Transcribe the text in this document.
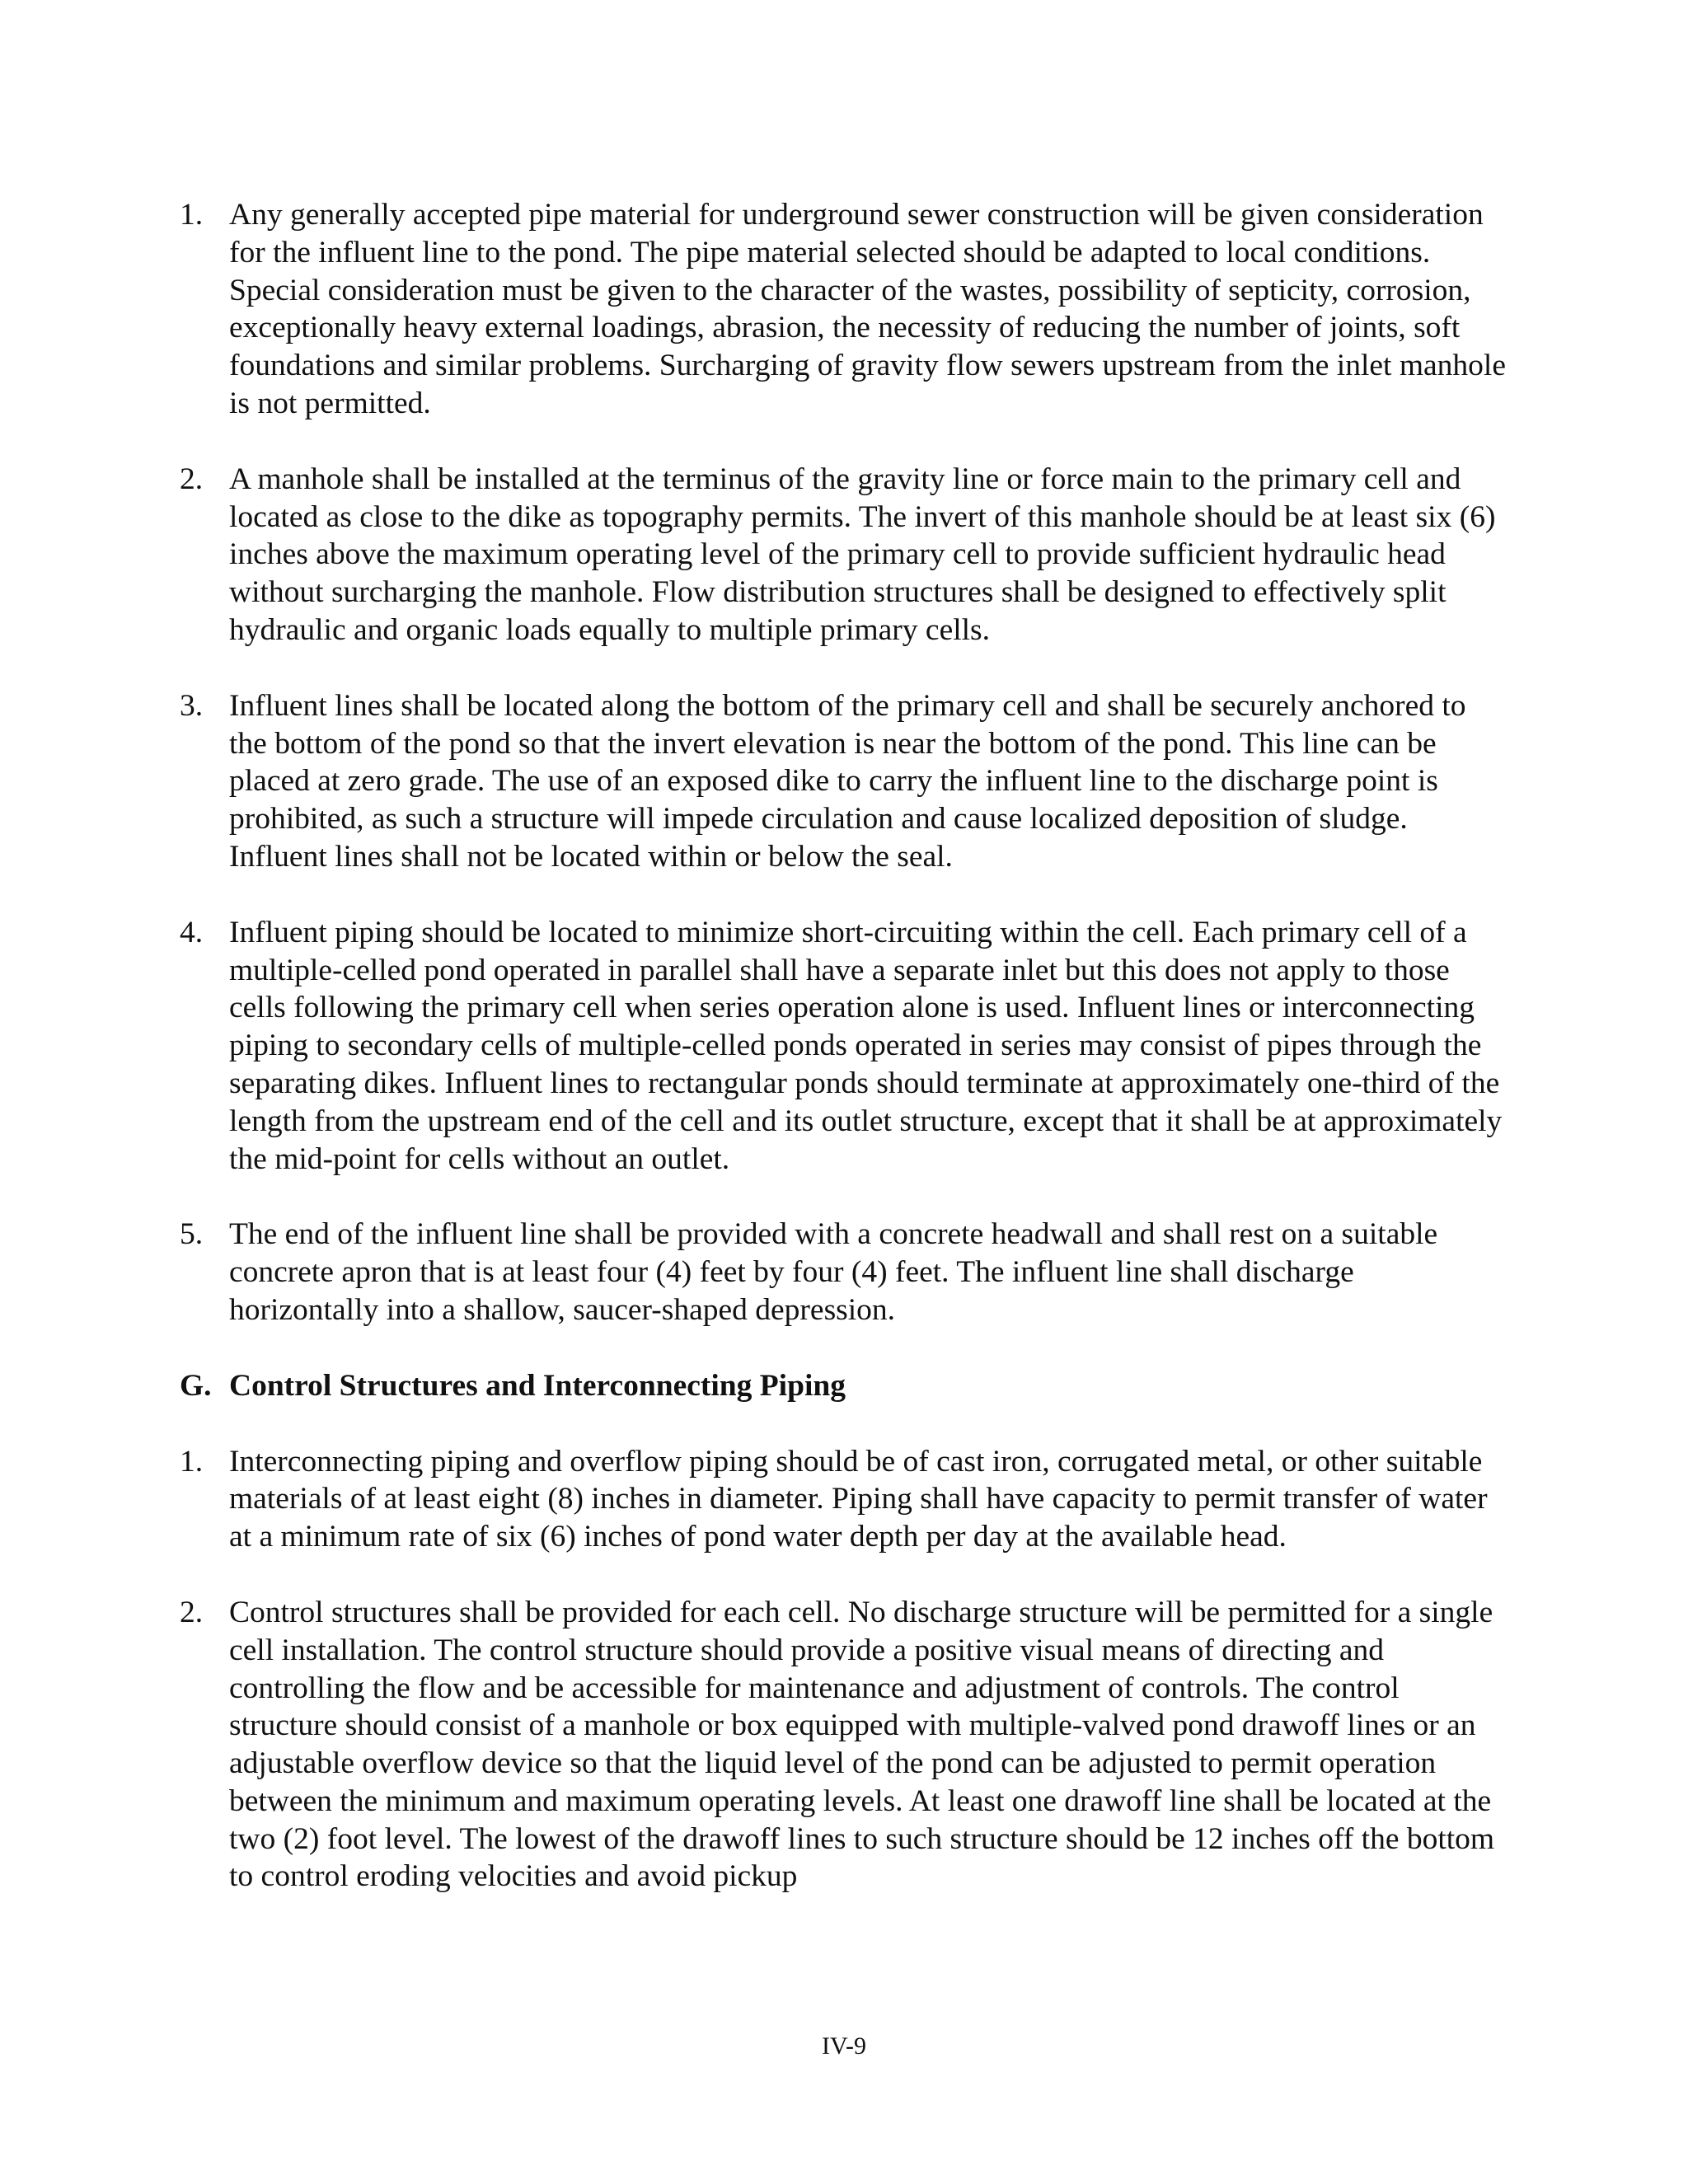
1. Any generally accepted pipe material for underground sewer construction will be given consideration for the influent line to the pond. The pipe material selected should be adapted to local conditions. Special consideration must be given to the character of the wastes, possibility of septicity, corrosion, exceptionally heavy external loadings, abrasion, the necessity of reducing the number of joints, soft foundations and similar problems. Surcharging of gravity flow sewers upstream from the inlet manhole is not permitted.
2. A manhole shall be installed at the terminus of the gravity line or force main to the primary cell and located as close to the dike as topography permits. The invert of this manhole should be at least six (6) inches above the maximum operating level of the primary cell to provide sufficient hydraulic head without surcharging the manhole. Flow distribution structures shall be designed to effectively split hydraulic and organic loads equally to multiple primary cells.
3. Influent lines shall be located along the bottom of the primary cell and shall be securely anchored to the bottom of the pond so that the invert elevation is near the bottom of the pond. This line can be placed at zero grade. The use of an exposed dike to carry the influent line to the discharge point is prohibited, as such a structure will impede circulation and cause localized deposition of sludge. Influent lines shall not be located within or below the seal.
4. Influent piping should be located to minimize short-circuiting within the cell. Each primary cell of a multiple-celled pond operated in parallel shall have a separate inlet but this does not apply to those cells following the primary cell when series operation alone is used. Influent lines or interconnecting piping to secondary cells of multiple-celled ponds operated in series may consist of pipes through the separating dikes. Influent lines to rectangular ponds should terminate at approximately one-third of the length from the upstream end of the cell and its outlet structure, except that it shall be at approximately the mid-point for cells without an outlet.
5. The end of the influent line shall be provided with a concrete headwall and shall rest on a suitable concrete apron that is at least four (4) feet by four (4) feet. The influent line shall discharge horizontally into a shallow, saucer-shaped depression.
G. Control Structures and Interconnecting Piping
1. Interconnecting piping and overflow piping should be of cast iron, corrugated metal, or other suitable materials of at least eight (8) inches in diameter. Piping shall have capacity to permit transfer of water at a minimum rate of six (6) inches of pond water depth per day at the available head.
2. Control structures shall be provided for each cell. No discharge structure will be permitted for a single cell installation. The control structure should provide a positive visual means of directing and controlling the flow and be accessible for maintenance and adjustment of controls. The control structure should consist of a manhole or box equipped with multiple-valved pond drawoff lines or an adjustable overflow device so that the liquid level of the pond can be adjusted to permit operation between the minimum and maximum operating levels. At least one drawoff line shall be located at the two (2) foot level. The lowest of the drawoff lines to such structure should be 12 inches off the bottom to control eroding velocities and avoid pickup
IV-9
